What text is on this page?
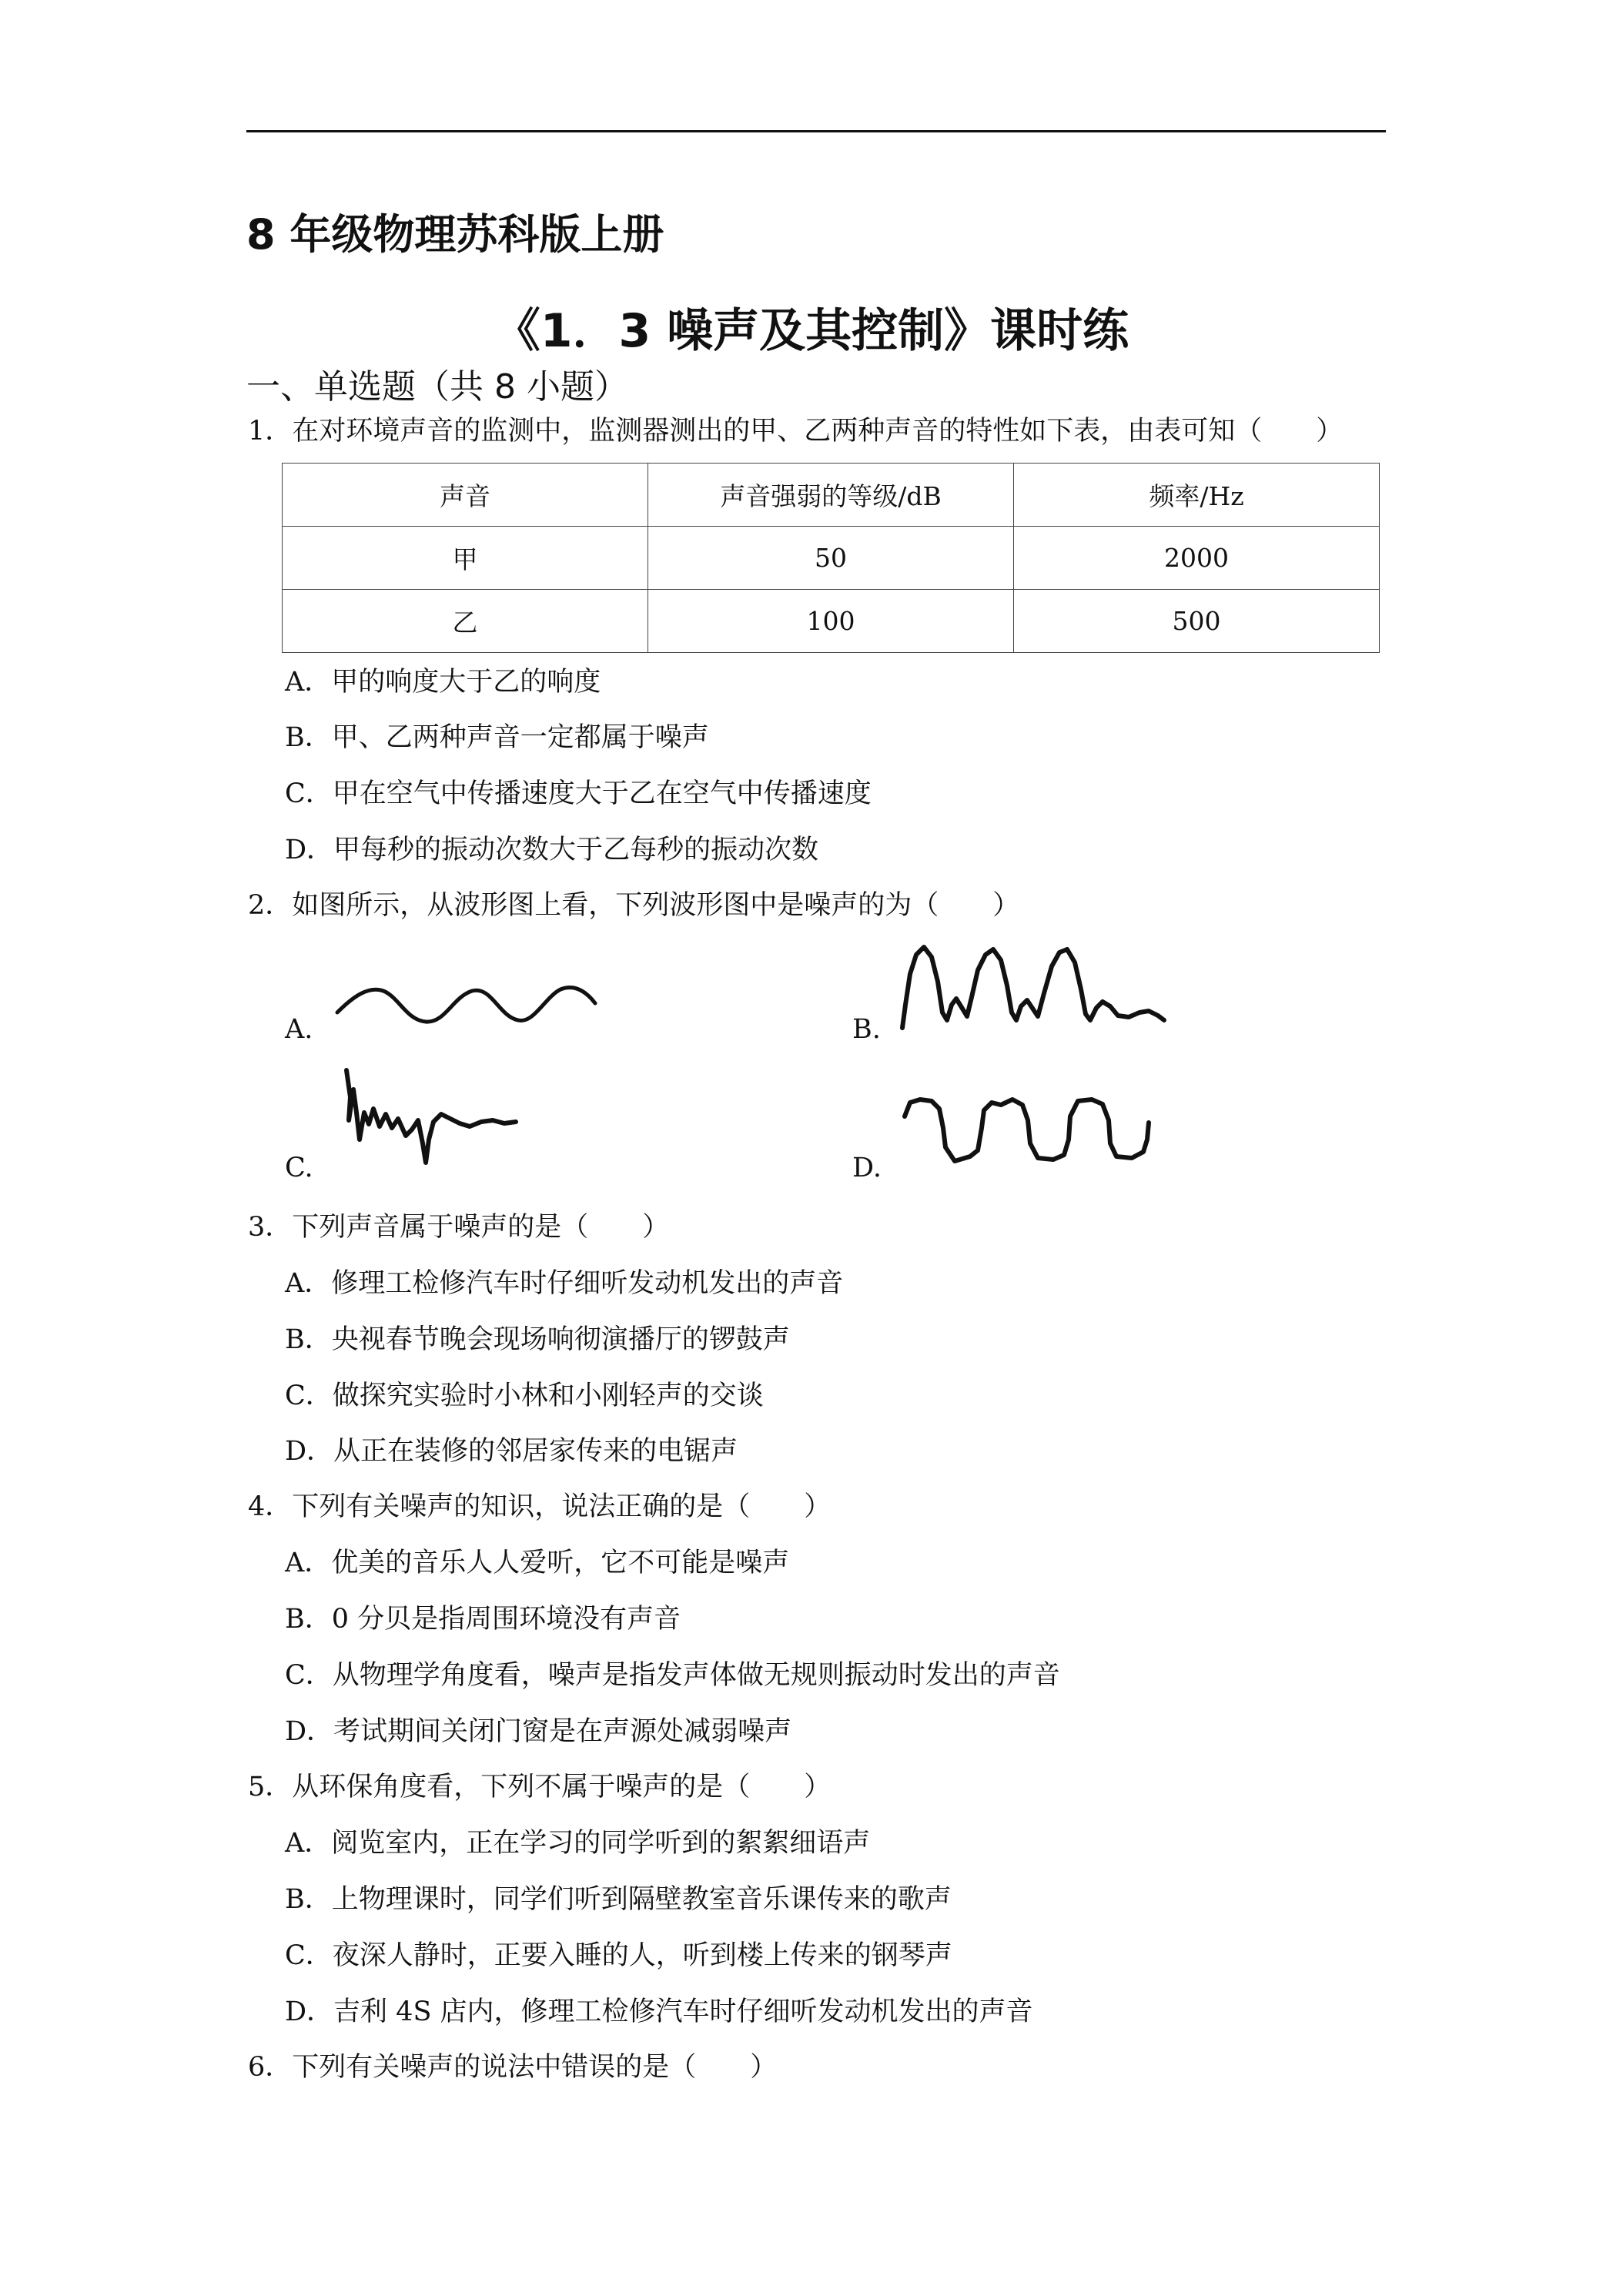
8 年级物理苏科版上册
《1．3 噪声及其控制》课时练
一、单选题（共 8 小题）
1．在对环境声音的监测中，监测器测出的甲、乙两种声音的特性如下表，由表可知（　　）
声音	声音强弱的等级/dB	频率/Hz
甲	50	2000
乙	100	500
A．甲的响度大于乙的响度
B．甲、乙两种声音一定都属于噪声
C．甲在空气中传播速度大于乙在空气中传播速度
D．甲每秒的振动次数大于乙每秒的振动次数
2．如图所示，从波形图上看，下列波形图中是噪声的为（　　）
A.	B.
C.	D.
3．下列声音属于噪声的是（　　）
A．修理工检修汽车时仔细听发动机发出的声音
B．央视春节晚会现场响彻演播厅的锣鼓声
C．做探究实验时小林和小刚轻声的交谈
D．从正在装修的邻居家传来的电锯声
4．下列有关噪声的知识，说法正确的是（　　）
A．优美的音乐人人爱听，它不可能是噪声
B．0 分贝是指周围环境没有声音
C．从物理学角度看，噪声是指发声体做无规则振动时发出的声音
D．考试期间关闭门窗是在声源处减弱噪声
5．从环保角度看，下列不属于噪声的是（　　）
A．阅览室内，正在学习的同学听到的絮絮细语声
B．上物理课时，同学们听到隔壁教室音乐课传来的歌声
C．夜深人静时，正要入睡的人，听到楼上传来的钢琴声
D．吉利 4S 店内，修理工检修汽车时仔细听发动机发出的声音
6．下列有关噪声的说法中错误的是（　　）
